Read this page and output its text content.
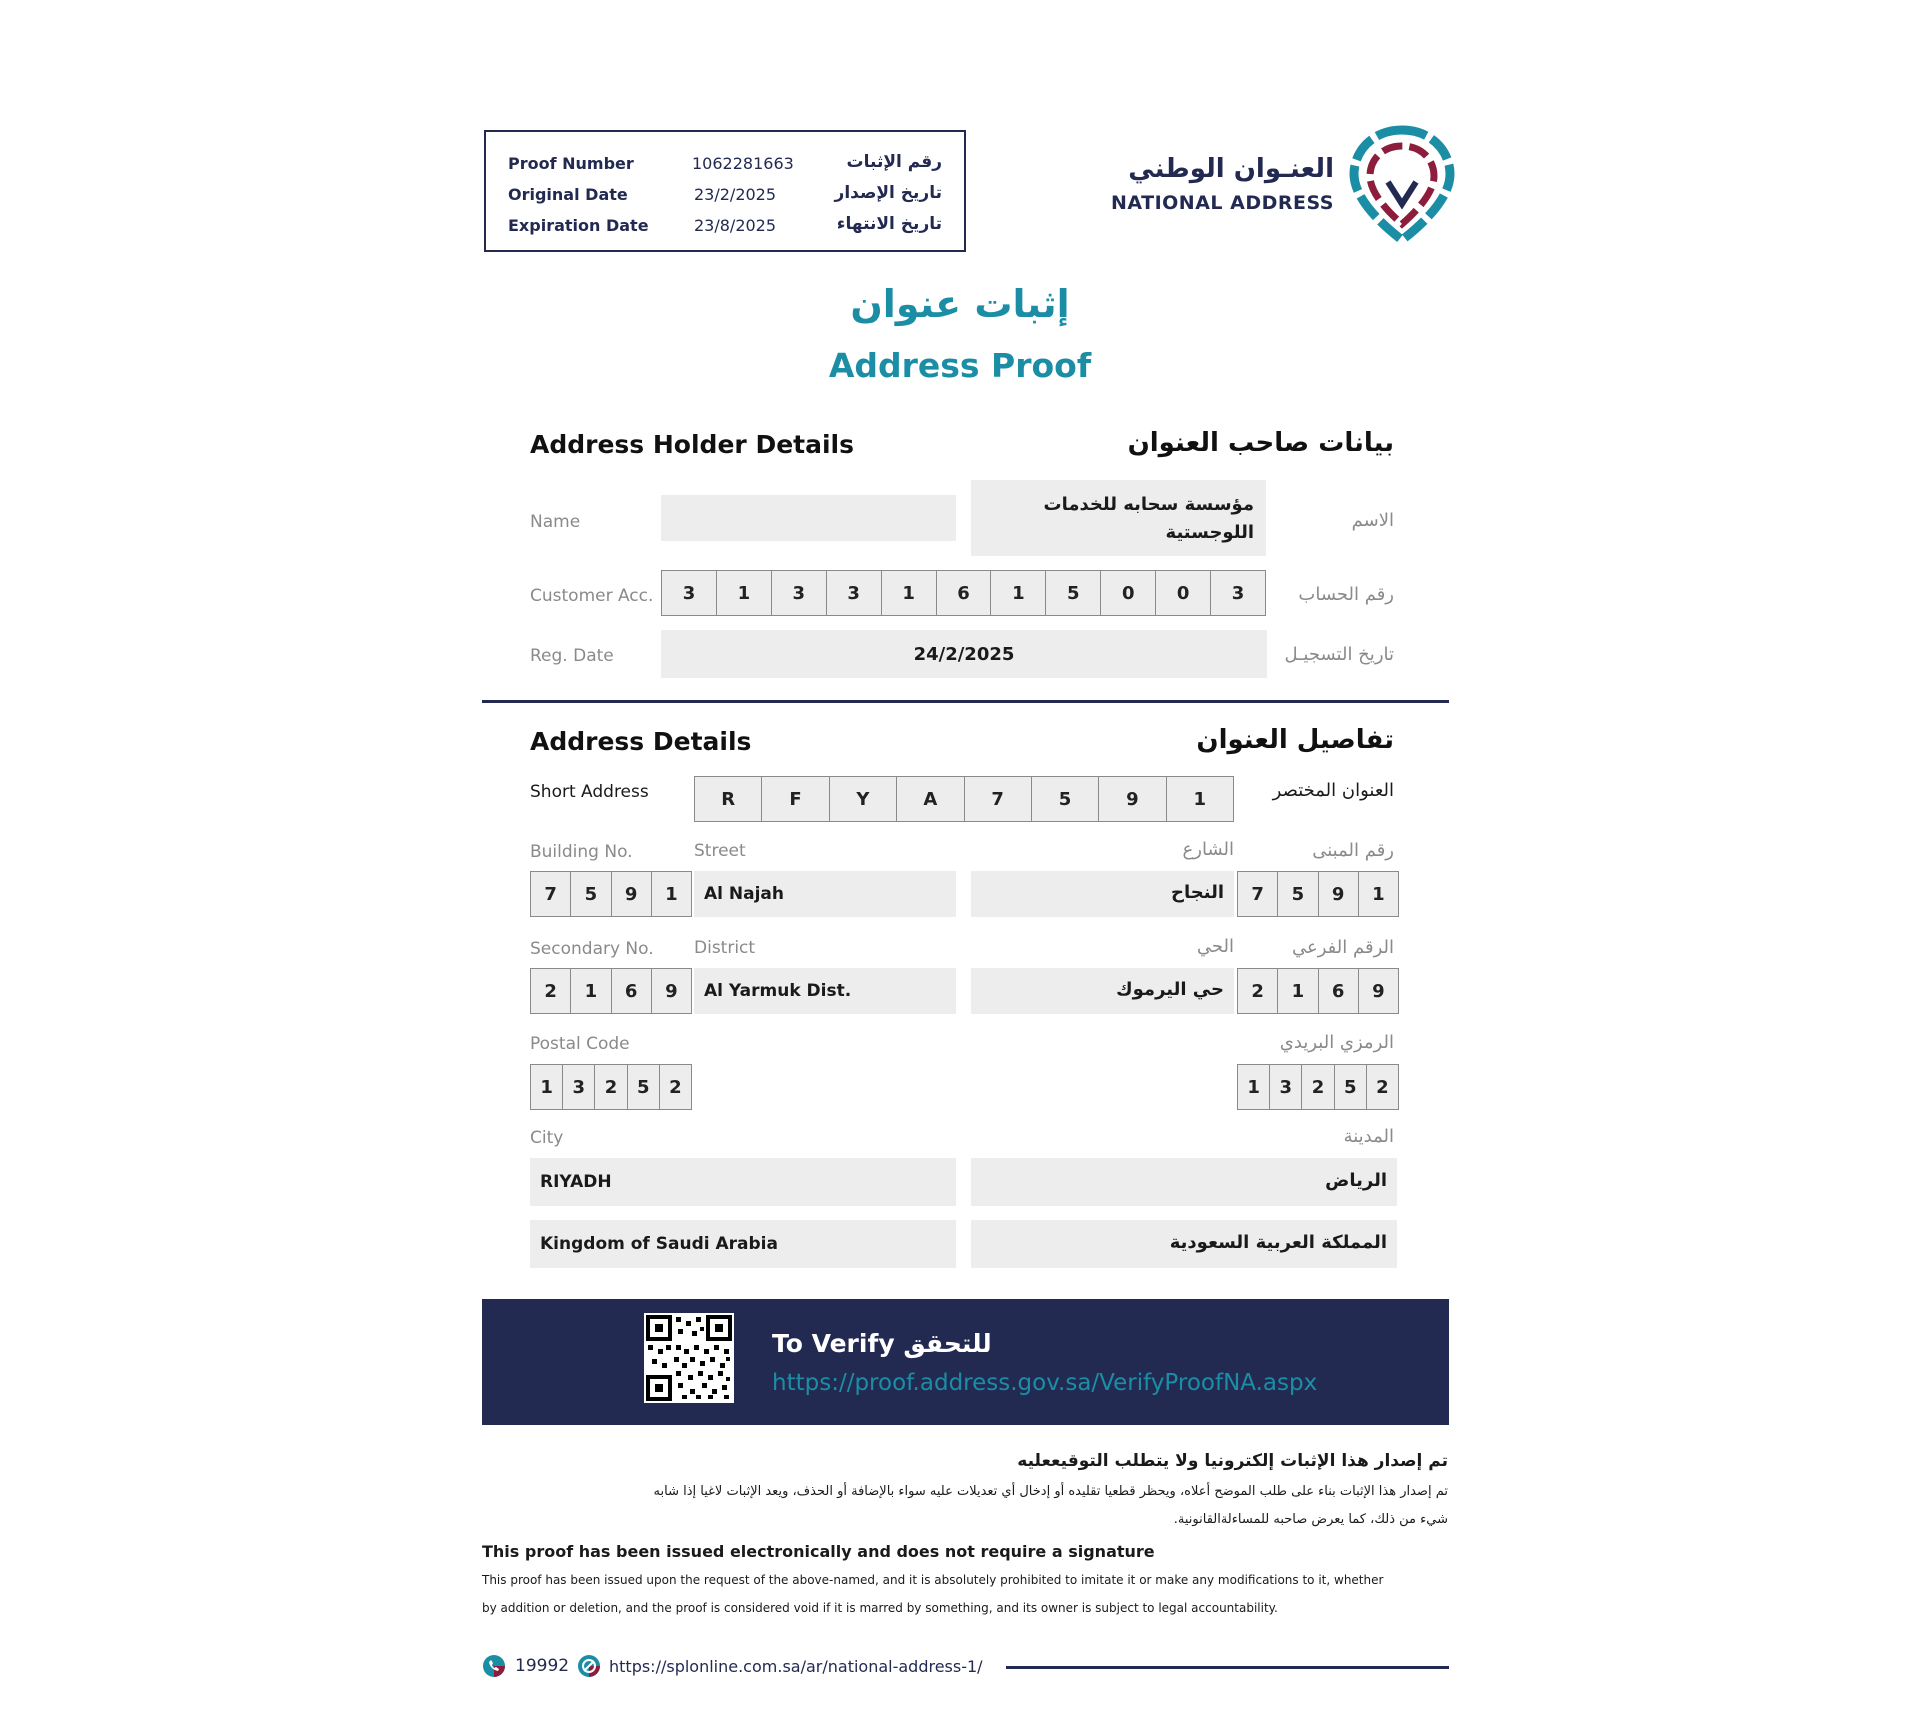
Proof Number	1062281663	رقم الإثبات
Original Date	23/2/2025	تاريخ الإصدار
Expiration Date	23/8/2025	تاريخ الانتهاء
العنـوان الوطني
NATIONAL ADDRESS
إثبات عنوان
Address Proof
Address Holder Details	بيانات صاحب العنوان
Name
مؤسسة سحابه للخدمات
اللوجستية
الاسم
Customer Acc.	3	1	3	3	1	6	1	5	0	0	3	رقم الحساب
Reg. Date	24/2/2025	تاريخ التسجيـل
Address Details	تفاصيل العنوان
Short Address	R	F	Y	A	7	5	9	1	العنوان المختصر
Building No.	Street	الشارع	رقم المبنى
7	5	9	1	Al Najah	النجاح	7	5	9	1
Secondary No. District	الحي	الرقم الفرعي
2	1	6	9	Al Yarmuk Dist.	حي اليرموك	2	1	6	9
Postal Code	الرمزي البريدي
1	3	2	5	2	1	3	2	5	2
City	المدينة
RIYADH	الرياض
Kingdom of Saudi Arabia	المملكة العربية السعودية
To Verify للتحقق
https://proof.address.gov.sa/VerifyProofNA.aspx
تم إصدار هذا الإثبات إلكترونيا ولا يتطلب التوقيععليه
تم إصدار هذا الإثبات بناء على طلب الموضح أعلاه، ويحظر قطعيا تقليده أو إدخال أي تعديلات عليه سواء بالإضافة أو الحذف، ويعد الإثبات لاغيا إذا شابه
شيء من ذلك، كما يعرض صاحبه للمساءلةالقانونية.
This proof has been issued electronically and does not require a signature
This proof has been issued upon the request of the above-named, and it is absolutely prohibited to imitate it or make any modifications to it, whether
by addition or deletion, and the proof is considered void if it is marred by something, and its owner is subject to legal accountability.
19992 https://splonline.com.sa/ar/national-address-1/
